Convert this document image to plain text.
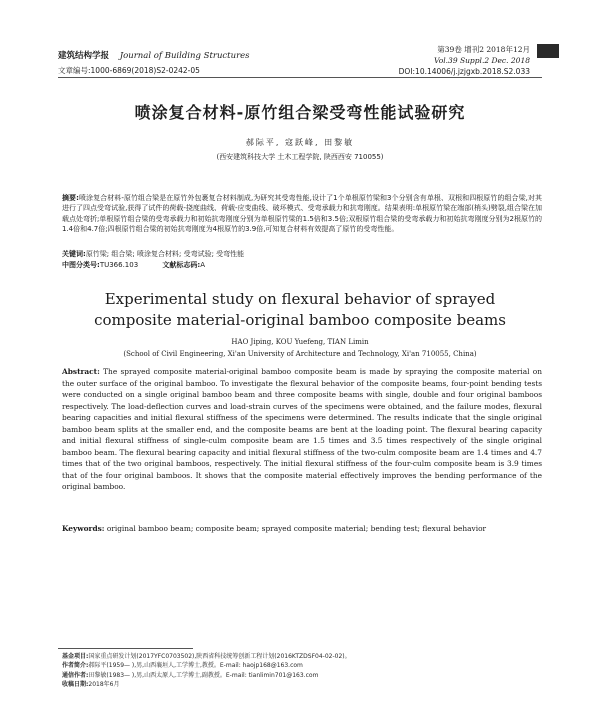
建筑结构学报 Journal of Building Structures
文章编号:1000-6869(2018)S2-0242-05
第39卷 增刊2 2018年12月
Vol.39 Suppl.2 Dec. 2018
DOI:10.14006/j.jzjgxb.2018.S2.033
喷涂复合材料-原竹组合梁受弯性能试验研究
郝际平, 寇跃峰, 田黎敏
(西安建筑科技大学 土木工程学院, 陕西西安 710055)
摘要:喷涂复合材料-原竹组合梁是在原竹外包裹复合材料制成,为研究其受弯性能,设计了1个单根原竹梁和3个分别含有单根、双根和四根原竹的组合梁,对其进行了四点受弯试验,获得了试件的荷载-挠度曲线、荷载-应变曲线、破坏模式、受弯承载力和抗弯刚度。结果表明:单根原竹梁在端部(梢头)劈裂,组合梁在加载点处弯折;单根原竹组合梁的受弯承载力和初始抗弯刚度分别为单根原竹梁的1.5倍和3.5倍;双根原竹组合梁的受弯承载力和初始抗弯刚度分别为2根原竹的1.4倍和4.7倍;四根原竹组合梁的初始抗弯刚度为4根原竹的3.9倍,可知复合材料有效提高了原竹的受弯性能。
关键词:原竹梁; 组合梁; 喷涂复合材料; 受弯试验; 受弯性能
中图分类号:TU366.103	文献标志码:A
Experimental study on flexural behavior of sprayed
composite material-original bamboo composite beams
HAO Jiping, KOU Yuefeng, TIAN Limin
(School of Civil Engineering, Xi'an University of Architecture and Technology, Xi'an 710055, China)
Abstract: The sprayed composite material-original bamboo composite beam is made by spraying the composite material on the outer surface of the original bamboo. To investigate the flexural behavior of the composite beams, four-point bending tests were conducted on a single original bamboo beam and three composite beams with single, double and four original bamboos respectively. The load-deflection curves and load-strain curves of the specimens were obtained, and the failure modes, flexural bearing capacities and initial flexural stiffness of the specimens were determined. The results indicate that the single original bamboo beam splits at the smaller end, and the composite beams are bent at the loading point. The flexural bearing capacity and initial flexural stiffness of single-culm composite beam are 1.5 times and 3.5 times respectively of the single original bamboo beam. The flexural bearing capacity and initial flexural stiffness of the two-culm composite beam are 1.4 times and 4.7 times that of the two original bamboos, respectively. The initial flexural stiffness of the four-culm composite beam is 3.9 times that of the four original bamboos. It shows that the composite material effectively improves the bending performance of the original bamboo.
Keywords: original bamboo beam; composite beam; sprayed composite material; bending test; flexural behavior
基金项目:国家重点研发计划(2017YFC0703502),陕西省科技统筹创新工程计划(2016KTZDSF04-02-02)。
作者简介:郝际平(1959— ),男,山西襄垣人,工学博士,教授。E-mail: haojp168@163.com
通信作者:田黎敏(1983— ),男,山西太原人,工学博士,副教授。E-mail: tianlimin701@163.com
收稿日期:2018年6月
